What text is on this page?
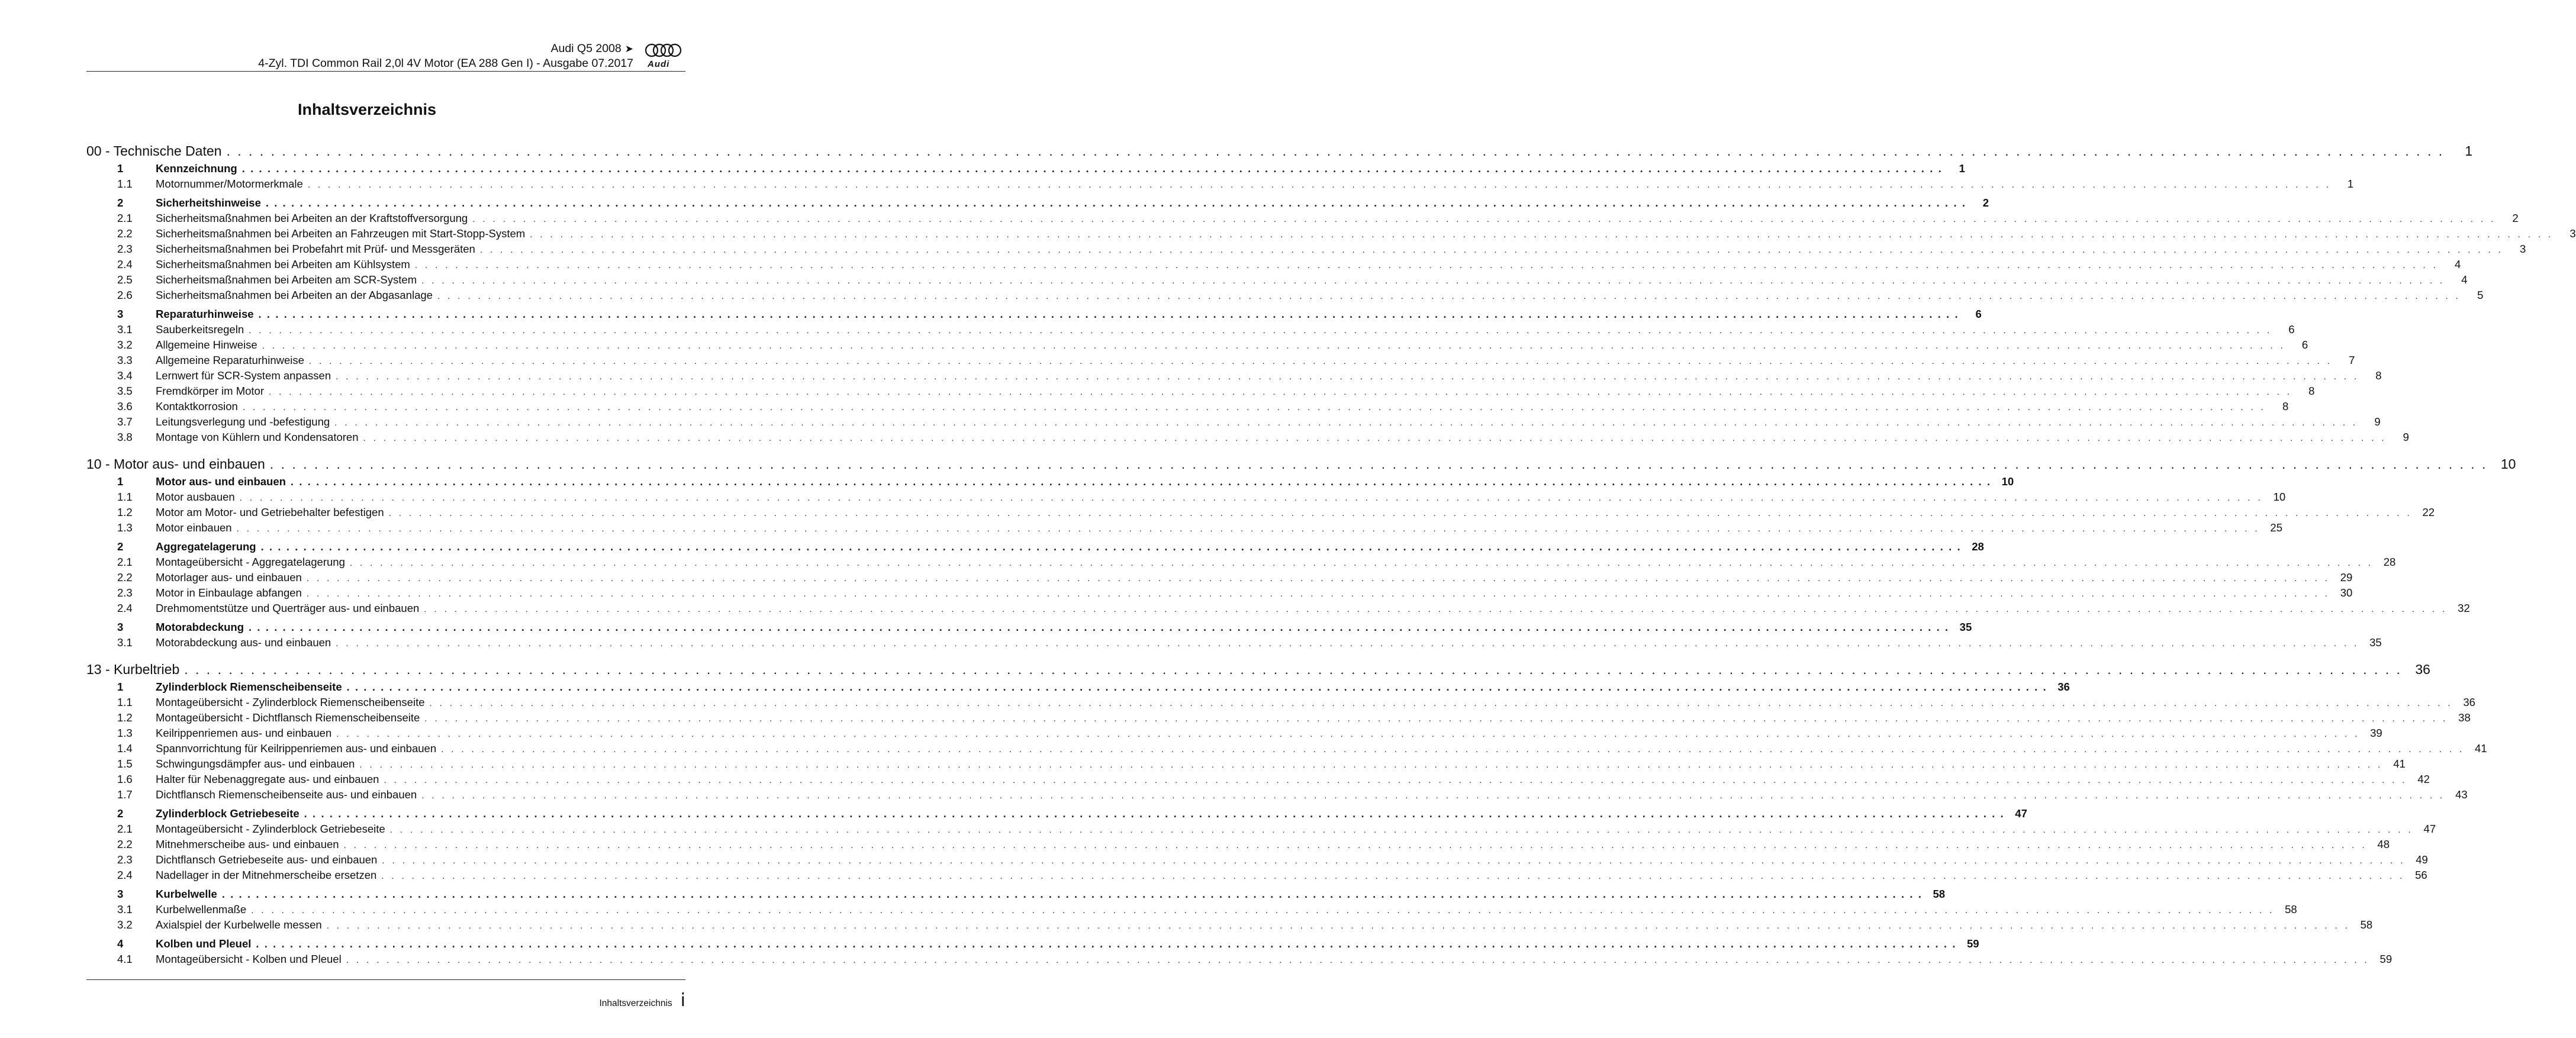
Audi Q5 2008 ➤
4-Zyl. TDI Common Rail 2,0l 4V Motor (EA 288 Gen I) - Ausgabe 07.2017 Audi
Inhaltsverzeichnis
00 - Technische Daten . . . . . . . . . . . . . . . . . . . . . . . . . . . . . . . . . . . . . . . . . . . . . . . . . . . . . . . . . . . . . . . . . . . . . . . . . . . . . . . . . . . . . . . . . . . . . . . . . . . . . . . . . . . . . . . . . . . . . . . . . . . . . . . . . . . . . . . . . . . . . . . . . . . . . . . . . . . . . . . . . . . . . . . . . . . . . . . . . . . . . . . . . . . . . . . . . . . . . . . .	1
1	Kennzeichnung . . . . . . . . . . . . . . . . . . . . . . . . . . . . . . . . . . . . . . . . . . . . . . . . . . . . . . . . . . . . . . . . . . . . . . . . . . . . . . . . . . . . . . . . . . . . . . . . . . . . . . . . . . . . . . . . . . . . . . . . . . . . . . . . . . . . . . . . . . . . . . . . . . . . . . . . . . . . . . . . . . . . . . . . . . . . . . . . . . . . . . . . . . . . . . . . . . . . . . . .	1
1.1 Motornummer/Motormerkmale . . . . . . . . . . . . . . . . . . . . . . . . . . . . . . . . . . . . . . . . . . . . . . . . . . . . . . . . . . . . . . . . . . . . . . . . . . . . . . . . . . . . . . . . . . . . . . . . . . . . . . . . . . . . . . . . . . . . . . . . . . . . . . . . . . . . . . . . . . . . . . . . . . . . . . . . . . . . . . . . . . . . . . . . . . . . . . . . . . . . . . . . . . . . . . . . . . . . . . . .	1
2	Sicherheitshinweise . . . . . . . . . . . . . . . . . . . . . . . . . . . . . . . . . . . . . . . . . . . . . . . . . . . . . . . . . . . . . . . . . . . . . . . . . . . . . . . . . . . . . . . . . . . . . . . . . . . . . . . . . . . . . . . . . . . . . . . . . . . . . . . . . . . . . . . . . . . . . . . . . . . . . . . . . . . . . . . . . . . . . . . . . . . . . . . . . . . . . . . . . . . . . . . . . . . . . . . .	2
2.1 Sicherheitsmaßnahmen bei Arbeiten an der Kraftstoffversorgung . . . . . . . . . . . . . . . . . . . . . . . . . . . . . . . . . . . . . . . . . . . . . . . . . . . . . . . . . . . . . . . . . . . . . . . . . . . . . . . . . . . . . . . . . . . . . . . . . . . . . . . . . . . . . . . . . . . . . . . . . . . . . . . . . . . . . . . . . . . . . . . . . . . . . . . . . . . . . . . . . . . . . . . . . . . . . . . . . . . . . . . . . . . . . . . . . . . . . . . .	2
2.2 Sicherheitsmaßnahmen bei Arbeiten an Fahrzeugen mit Start-Stopp-System . . . . . . . . . . . . . . . . . . . . . . . . . . . . . . . . . . . . . . . . . . . . . . . . . . . . . . . . . . . . . . . . . . . . . . . . . . . . . . . . . . . . . . . . . . . . . . . . . . . . . . . . . . . . . . . . . . . . . . . . . . . . . . . . . . . . . . . . . . . . . . . . . . . . . . . . . . . . . . . . . . . . . . . . . . . . . . . . . . . . . . . . . . . . . . . . . . . . . . . .	3
2.3 Sicherheitsmaßnahmen bei Probefahrt mit Prüf- und Messgeräten . . . . . . . . . . . . . . . . . . . . . . . . . . . . . . . . . . . . . . . . . . . . . . . . . . . . . . . . . . . . . . . . . . . . . . . . . . . . . . . . . . . . . . . . . . . . . . . . . . . . . . . . . . . . . . . . . . . . . . . . . . . . . . . . . . . . . . . . . . . . . . . . . . . . . . . . . . . . . . . . . . . . . . . . . . . . . . . . . . . . . . . . . . . . . . . . . . . . . . . .	3
2.4 Sicherheitsmaßnahmen bei Arbeiten am Kühlsystem . . . . . . . . . . . . . . . . . . . . . . . . . . . . . . . . . . . . . . . . . . . . . . . . . . . . . . . . . . . . . . . . . . . . . . . . . . . . . . . . . . . . . . . . . . . . . . . . . . . . . . . . . . . . . . . . . . . . . . . . . . . . . . . . . . . . . . . . . . . . . . . . . . . . . . . . . . . . . . . . . . . . . . . . . . . . . . . . . . . . . . . . . . . . . . . . . . . . . . . .	4
2.5 Sicherheitsmaßnahmen bei Arbeiten am SCR-System . . . . . . . . . . . . . . . . . . . . . . . . . . . . . . . . . . . . . . . . . . . . . . . . . . . . . . . . . . . . . . . . . . . . . . . . . . . . . . . . . . . . . . . . . . . . . . . . . . . . . . . . . . . . . . . . . . . . . . . . . . . . . . . . . . . . . . . . . . . . . . . . . . . . . . . . . . . . . . . . . . . . . . . . . . . . . . . . . . . . . . . . . . . . . . . . . . . . . . . .	4
2.6 Sicherheitsmaßnahmen bei Arbeiten an der Abgasanlage . . . . . . . . . . . . . . . . . . . . . . . . . . . . . . . . . . . . . . . . . . . . . . . . . . . . . . . . . . . . . . . . . . . . . . . . . . . . . . . . . . . . . . . . . . . . . . . . . . . . . . . . . . . . . . . . . . . . . . . . . . . . . . . . . . . . . . . . . . . . . . . . . . . . . . . . . . . . . . . . . . . . . . . . . . . . . . . . . . . . . . . . . . . . . . . . . . . . . . . .	5
3	Reparaturhinweise . . . . . . . . . . . . . . . . . . . . . . . . . . . . . . . . . . . . . . . . . . . . . . . . . . . . . . . . . . . . . . . . . . . . . . . . . . . . . . . . . . . . . . . . . . . . . . . . . . . . . . . . . . . . . . . . . . . . . . . . . . . . . . . . . . . . . . . . . . . . . . . . . . . . . . . . . . . . . . . . . . . . . . . . . . . . . . . . . . . . . . . . . . . . . . . . . . . . . . . .	6
3.1 Sauberkeitsregeln . . . . . . . . . . . . . . . . . . . . . . . . . . . . . . . . . . . . . . . . . . . . . . . . . . . . . . . . . . . . . . . . . . . . . . . . . . . . . . . . . . . . . . . . . . . . . . . . . . . . . . . . . . . . . . . . . . . . . . . . . . . . . . . . . . . . . . . . . . . . . . . . . . . . . . . . . . . . . . . . . . . . . . . . . . . . . . . . . . . . . . . . . . . . . . . . . . . . . . . .	6
3.2 Allgemeine Hinweise . . . . . . . . . . . . . . . . . . . . . . . . . . . . . . . . . . . . . . . . . . . . . . . . . . . . . . . . . . . . . . . . . . . . . . . . . . . . . . . . . . . . . . . . . . . . . . . . . . . . . . . . . . . . . . . . . . . . . . . . . . . . . . . . . . . . . . . . . . . . . . . . . . . . . . . . . . . . . . . . . . . . . . . . . . . . . . . . . . . . . . . . . . . . . . . . . . . . . . . .	6
3.3 Allgemeine Reparaturhinweise . . . . . . . . . . . . . . . . . . . . . . . . . . . . . . . . . . . . . . . . . . . . . . . . . . . . . . . . . . . . . . . . . . . . . . . . . . . . . . . . . . . . . . . . . . . . . . . . . . . . . . . . . . . . . . . . . . . . . . . . . . . . . . . . . . . . . . . . . . . . . . . . . . . . . . . . . . . . . . . . . . . . . . . . . . . . . . . . . . . . . . . . . . . . . . . . . . . . . . . .	7
3.4 Lernwert für SCR-System anpassen . . . . . . . . . . . . . . . . . . . . . . . . . . . . . . . . . . . . . . . . . . . . . . . . . . . . . . . . . . . . . . . . . . . . . . . . . . . . . . . . . . . . . . . . . . . . . . . . . . . . . . . . . . . . . . . . . . . . . . . . . . . . . . . . . . . . . . . . . . . . . . . . . . . . . . . . . . . . . . . . . . . . . . . . . . . . . . . . . . . . . . . . . . . . . . . . . . . . . . . .	8
3.5 Fremdkörper im Motor . . . . . . . . . . . . . . . . . . . . . . . . . . . . . . . . . . . . . . . . . . . . . . . . . . . . . . . . . . . . . . . . . . . . . . . . . . . . . . . . . . . . . . . . . . . . . . . . . . . . . . . . . . . . . . . . . . . . . . . . . . . . . . . . . . . . . . . . . . . . . . . . . . . . . . . . . . . . . . . . . . . . . . . . . . . . . . . . . . . . . . . . . . . . . . . . . . . . . . . .	8
3.6 Kontaktkorrosion . . . . . . . . . . . . . . . . . . . . . . . . . . . . . . . . . . . . . . . . . . . . . . . . . . . . . . . . . . . . . . . . . . . . . . . . . . . . . . . . . . . . . . . . . . . . . . . . . . . . . . . . . . . . . . . . . . . . . . . . . . . . . . . . . . . . . . . . . . . . . . . . . . . . . . . . . . . . . . . . . . . . . . . . . . . . . . . . . . . . . . . . . . . . . . . . . . . . . . . .	8
3.7 Leitungsverlegung und -befestigung . . . . . . . . . . . . . . . . . . . . . . . . . . . . . . . . . . . . . . . . . . . . . . . . . . . . . . . . . . . . . . . . . . . . . . . . . . . . . . . . . . . . . . . . . . . . . . . . . . . . . . . . . . . . . . . . . . . . . . . . . . . . . . . . . . . . . . . . . . . . . . . . . . . . . . . . . . . . . . . . . . . . . . . . . . . . . . . . . . . . . . . . . . . . . . . . . . . . . . . .	9
3.8 Montage von Kühlern und Kondensatoren . . . . . . . . . . . . . . . . . . . . . . . . . . . . . . . . . . . . . . . . . . . . . . . . . . . . . . . . . . . . . . . . . . . . . . . . . . . . . . . . . . . . . . . . . . . . . . . . . . . . . . . . . . . . . . . . . . . . . . . . . . . . . . . . . . . . . . . . . . . . . . . . . . . . . . . . . . . . . . . . . . . . . . . . . . . . . . . . . . . . . . . . . . . . . . . . . . . . . . . .	9
10 - Motor aus- und einbauen . . . . . . . . . . . . . . . . . . . . . . . . . . . . . . . . . . . . . . . . . . . . . . . . . . . . . . . . . . . . . . . . . . . . . . . . . . . . . . . . . . . . . . . . . . . . . . . . . . . . . . . . . . . . . . . . . . . . . . . . . . . . . . . . . . . . . . . . . . . . . . . . . . . . . . . . . . . . . . . . . . . . . . . . . . . . . . . . . . . . . . . . . . . . . . . . . . . . . . . . 10
1	Motor aus- und einbauen . . . . . . . . . . . . . . . . . . . . . . . . . . . . . . . . . . . . . . . . . . . . . . . . . . . . . . . . . . . . . . . . . . . . . . . . . . . . . . . . . . . . . . . . . . . . . . . . . . . . . . . . . . . . . . . . . . . . . . . . . . . . . . . . . . . . . . . . . . . . . . . . . . . . . . . . . . . . . . . . . . . . . . . . . . . . . . . . . . . . . . . . . . . . . . . . . . . . . . . . 10
1.1 Motor ausbauen . . . . . . . . . . . . . . . . . . . . . . . . . . . . . . . . . . . . . . . . . . . . . . . . . . . . . . . . . . . . . . . . . . . . . . . . . . . . . . . . . . . . . . . . . . . . . . . . . . . . . . . . . . . . . . . . . . . . . . . . . . . . . . . . . . . . . . . . . . . . . . . . . . . . . . . . . . . . . . . . . . . . . . . . . . . . . . . . . . . . . . . . . . . . . . . . . . . . . . . . 10
1.2 Motor am Motor- und Getriebehalter befestigen . . . . . . . . . . . . . . . . . . . . . . . . . . . . . . . . . . . . . . . . . . . . . . . . . . . . . . . . . . . . . . . . . . . . . . . . . . . . . . . . . . . . . . . . . . . . . . . . . . . . . . . . . . . . . . . . . . . . . . . . . . . . . . . . . . . . . . . . . . . . . . . . . . . . . . . . . . . . . . . . . . . . . . . . . . . . . . . . . . . . . . . . . . . . . . . . . . . . . . . . 22
1.3 Motor einbauen . . . . . . . . . . . . . . . . . . . . . . . . . . . . . . . . . . . . . . . . . . . . . . . . . . . . . . . . . . . . . . . . . . . . . . . . . . . . . . . . . . . . . . . . . . . . . . . . . . . . . . . . . . . . . . . . . . . . . . . . . . . . . . . . . . . . . . . . . . . . . . . . . . . . . . . . . . . . . . . . . . . . . . . . . . . . . . . . . . . . . . . . . . . . . . . . . . . . . . . . 25
2	Aggregatelagerung . . . . . . . . . . . . . . . . . . . . . . . . . . . . . . . . . . . . . . . . . . . . . . . . . . . . . . . . . . . . . . . . . . . . . . . . . . . . . . . . . . . . . . . . . . . . . . . . . . . . . . . . . . . . . . . . . . . . . . . . . . . . . . . . . . . . . . . . . . . . . . . . . . . . . . . . . . . . . . . . . . . . . . . . . . . . . . . . . . . . . . . . . . . . . . . . . . . . . . . . 28
2.1 Montageübersicht - Aggregatelagerung . . . . . . . . . . . . . . . . . . . . . . . . . . . . . . . . . . . . . . . . . . . . . . . . . . . . . . . . . . . . . . . . . . . . . . . . . . . . . . . . . . . . . . . . . . . . . . . . . . . . . . . . . . . . . . . . . . . . . . . . . . . . . . . . . . . . . . . . . . . . . . . . . . . . . . . . . . . . . . . . . . . . . . . . . . . . . . . . . . . . . . . . . . . . . . . . . . . . . . . . 28
2.2 Motorlager aus- und einbauen . . . . . . . . . . . . . . . . . . . . . . . . . . . . . . . . . . . . . . . . . . . . . . . . . . . . . . . . . . . . . . . . . . . . . . . . . . . . . . . . . . . . . . . . . . . . . . . . . . . . . . . . . . . . . . . . . . . . . . . . . . . . . . . . . . . . . . . . . . . . . . . . . . . . . . . . . . . . . . . . . . . . . . . . . . . . . . . . . . . . . . . . . . . . . . . . . . . . . . . . 29
2.3 Motor in Einbaulage abfangen . . . . . . . . . . . . . . . . . . . . . . . . . . . . . . . . . . . . . . . . . . . . . . . . . . . . . . . . . . . . . . . . . . . . . . . . . . . . . . . . . . . . . . . . . . . . . . . . . . . . . . . . . . . . . . . . . . . . . . . . . . . . . . . . . . . . . . . . . . . . . . . . . . . . . . . . . . . . . . . . . . . . . . . . . . . . . . . . . . . . . . . . . . . . . . . . . . . . . . . . 30
2.4 Drehmomentstütze und Querträger aus- und einbauen . . . . . . . . . . . . . . . . . . . . . . . . . . . . . . . . . . . . . . . . . . . . . . . . . . . . . . . . . . . . . . . . . . . . . . . . . . . . . . . . . . . . . . . . . . . . . . . . . . . . . . . . . . . . . . . . . . . . . . . . . . . . . . . . . . . . . . . . . . . . . . . . . . . . . . . . . . . . . . . . . . . . . . . . . . . . . . . . . . . . . . . . . . . . . . . . . . . . . . . . 32
3	Motorabdeckung . . . . . . . . . . . . . . . . . . . . . . . . . . . . . . . . . . . . . . . . . . . . . . . . . . . . . . . . . . . . . . . . . . . . . . . . . . . . . . . . . . . . . . . . . . . . . . . . . . . . . . . . . . . . . . . . . . . . . . . . . . . . . . . . . . . . . . . . . . . . . . . . . . . . . . . . . . . . . . . . . . . . . . . . . . . . . . . . . . . . . . . . . . . . . . . . . . . . . . . . 35
3.1 Motorabdeckung aus- und einbauen . . . . . . . . . . . . . . . . . . . . . . . . . . . . . . . . . . . . . . . . . . . . . . . . . . . . . . . . . . . . . . . . . . . . . . . . . . . . . . . . . . . . . . . . . . . . . . . . . . . . . . . . . . . . . . . . . . . . . . . . . . . . . . . . . . . . . . . . . . . . . . . . . . . . . . . . . . . . . . . . . . . . . . . . . . . . . . . . . . . . . . . . . . . . . . . . . . . . . . . . 35
13 - Kurbeltrieb . . . . . . . . . . . . . . . . . . . . . . . . . . . . . . . . . . . . . . . . . . . . . . . . . . . . . . . . . . . . . . . . . . . . . . . . . . . . . . . . . . . . . . . . . . . . . . . . . . . . . . . . . . . . . . . . . . . . . . . . . . . . . . . . . . . . . . . . . . . . . . . . . . . . . . . . . . . . . . . . . . . . . . . . . . . . . . . . . . . . . . . . . . . . . . . . . . . . . . . . 36
1	Zylinderblock Riemenscheibenseite . . . . . . . . . . . . . . . . . . . . . . . . . . . . . . . . . . . . . . . . . . . . . . . . . . . . . . . . . . . . . . . . . . . . . . . . . . . . . . . . . . . . . . . . . . . . . . . . . . . . . . . . . . . . . . . . . . . . . . . . . . . . . . . . . . . . . . . . . . . . . . . . . . . . . . . . . . . . . . . . . . . . . . . . . . . . . . . . . . . . . . . . . . . . . . . . . . . . . . . . 36
1.1 Montageübersicht - Zylinderblock Riemenscheibenseite . . . . . . . . . . . . . . . . . . . . . . . . . . . . . . . . . . . . . . . . . . . . . . . . . . . . . . . . . . . . . . . . . . . . . . . . . . . . . . . . . . . . . . . . . . . . . . . . . . . . . . . . . . . . . . . . . . . . . . . . . . . . . . . . . . . . . . . . . . . . . . . . . . . . . . . . . . . . . . . . . . . . . . . . . . . . . . . . . . . . . . . . . . . . . . . . . . . . . . . . 36
1.2 Montageübersicht - Dichtflansch Riemenscheibenseite . . . . . . . . . . . . . . . . . . . . . . . . . . . . . . . . . . . . . . . . . . . . . . . . . . . . . . . . . . . . . . . . . . . . . . . . . . . . . . . . . . . . . . . . . . . . . . . . . . . . . . . . . . . . . . . . . . . . . . . . . . . . . . . . . . . . . . . . . . . . . . . . . . . . . . . . . . . . . . . . . . . . . . . . . . . . . . . . . . . . . . . . . . . . . . . . . . . . . . . . 38
1.3 Keilrippenriemen aus- und einbauen . . . . . . . . . . . . . . . . . . . . . . . . . . . . . . . . . . . . . . . . . . . . . . . . . . . . . . . . . . . . . . . . . . . . . . . . . . . . . . . . . . . . . . . . . . . . . . . . . . . . . . . . . . . . . . . . . . . . . . . . . . . . . . . . . . . . . . . . . . . . . . . . . . . . . . . . . . . . . . . . . . . . . . . . . . . . . . . . . . . . . . . . . . . . . . . . . . . . . . . . 39
1.4 Spannvorrichtung für Keilrippenriemen aus- und einbauen . . . . . . . . . . . . . . . . . . . . . . . . . . . . . . . . . . . . . . . . . . . . . . . . . . . . . . . . . . . . . . . . . . . . . . . . . . . . . . . . . . . . . . . . . . . . . . . . . . . . . . . . . . . . . . . . . . . . . . . . . . . . . . . . . . . . . . . . . . . . . . . . . . . . . . . . . . . . . . . . . . . . . . . . . . . . . . . . . . . . . . . . . . . . . . . . . . . . . . . . 41
1.5 Schwingungsdämpfer aus- und einbauen . . . . . . . . . . . . . . . . . . . . . . . . . . . . . . . . . . . . . . . . . . . . . . . . . . . . . . . . . . . . . . . . . . . . . . . . . . . . . . . . . . . . . . . . . . . . . . . . . . . . . . . . . . . . . . . . . . . . . . . . . . . . . . . . . . . . . . . . . . . . . . . . . . . . . . . . . . . . . . . . . . . . . . . . . . . . . . . . . . . . . . . . . . . . . . . . . . . . . . . . 41
1.6 Halter für Nebenaggregate aus- und einbauen . . . . . . . . . . . . . . . . . . . . . . . . . . . . . . . . . . . . . . . . . . . . . . . . . . . . . . . . . . . . . . . . . . . . . . . . . . . . . . . . . . . . . . . . . . . . . . . . . . . . . . . . . . . . . . . . . . . . . . . . . . . . . . . . . . . . . . . . . . . . . . . . . . . . . . . . . . . . . . . . . . . . . . . . . . . . . . . . . . . . . . . . . . . . . . . . . . . . . . . . 42
1.7 Dichtflansch Riemenscheibenseite aus- und einbauen . . . . . . . . . . . . . . . . . . . . . . . . . . . . . . . . . . . . . . . . . . . . . . . . . . . . . . . . . . . . . . . . . . . . . . . . . . . . . . . . . . . . . . . . . . . . . . . . . . . . . . . . . . . . . . . . . . . . . . . . . . . . . . . . . . . . . . . . . . . . . . . . . . . . . . . . . . . . . . . . . . . . . . . . . . . . . . . . . . . . . . . . . . . . . . . . . . . . . . . . 43
2	Zylinderblock Getriebeseite . . . . . . . . . . . . . . . . . . . . . . . . . . . . . . . . . . . . . . . . . . . . . . . . . . . . . . . . . . . . . . . . . . . . . . . . . . . . . . . . . . . . . . . . . . . . . . . . . . . . . . . . . . . . . . . . . . . . . . . . . . . . . . . . . . . . . . . . . . . . . . . . . . . . . . . . . . . . . . . . . . . . . . . . . . . . . . . . . . . . . . . . . . . . . . . . . . . . . . . . 47
2.1 Montageübersicht - Zylinderblock Getriebeseite . . . . . . . . . . . . . . . . . . . . . . . . . . . . . . . . . . . . . . . . . . . . . . . . . . . . . . . . . . . . . . . . . . . . . . . . . . . . . . . . . . . . . . . . . . . . . . . . . . . . . . . . . . . . . . . . . . . . . . . . . . . . . . . . . . . . . . . . . . . . . . . . . . . . . . . . . . . . . . . . . . . . . . . . . . . . . . . . . . . . . . . . . . . . . . . . . . . . . . . . 47
2.2 Mitnehmerscheibe aus- und einbauen . . . . . . . . . . . . . . . . . . . . . . . . . . . . . . . . . . . . . . . . . . . . . . . . . . . . . . . . . . . . . . . . . . . . . . . . . . . . . . . . . . . . . . . . . . . . . . . . . . . . . . . . . . . . . . . . . . . . . . . . . . . . . . . . . . . . . . . . . . . . . . . . . . . . . . . . . . . . . . . . . . . . . . . . . . . . . . . . . . . . . . . . . . . . . . . . . . . . . . . . 48
2.3 Dichtflansch Getriebeseite aus- und einbauen . . . . . . . . . . . . . . . . . . . . . . . . . . . . . . . . . . . . . . . . . . . . . . . . . . . . . . . . . . . . . . . . . . . . . . . . . . . . . . . . . . . . . . . . . . . . . . . . . . . . . . . . . . . . . . . . . . . . . . . . . . . . . . . . . . . . . . . . . . . . . . . . . . . . . . . . . . . . . . . . . . . . . . . . . . . . . . . . . . . . . . . . . . . . . . . . . . . . . . . . 49
2.4 Nadellager in der Mitnehmerscheibe ersetzen . . . . . . . . . . . . . . . . . . . . . . . . . . . . . . . . . . . . . . . . . . . . . . . . . . . . . . . . . . . . . . . . . . . . . . . . . . . . . . . . . . . . . . . . . . . . . . . . . . . . . . . . . . . . . . . . . . . . . . . . . . . . . . . . . . . . . . . . . . . . . . . . . . . . . . . . . . . . . . . . . . . . . . . . . . . . . . . . . . . . . . . . . . . . . . . . . . . . . . . . 56
3	Kurbelwelle . . . . . . . . . . . . . . . . . . . . . . . . . . . . . . . . . . . . . . . . . . . . . . . . . . . . . . . . . . . . . . . . . . . . . . . . . . . . . . . . . . . . . . . . . . . . . . . . . . . . . . . . . . . . . . . . . . . . . . . . . . . . . . . . . . . . . . . . . . . . . . . . . . . . . . . . . . . . . . . . . . . . . . . . . . . . . . . . . . . . . . . . . . . . . . . . . . . . . . . . 58
3.1 Kurbelwellenmaße . . . . . . . . . . . . . . . . . . . . . . . . . . . . . . . . . . . . . . . . . . . . . . . . . . . . . . . . . . . . . . . . . . . . . . . . . . . . . . . . . . . . . . . . . . . . . . . . . . . . . . . . . . . . . . . . . . . . . . . . . . . . . . . . . . . . . . . . . . . . . . . . . . . . . . . . . . . . . . . . . . . . . . . . . . . . . . . . . . . . . . . . . . . . . . . . . . . . . . . . 58
3.2 Axialspiel der Kurbelwelle messen . . . . . . . . . . . . . . . . . . . . . . . . . . . . . . . . . . . . . . . . . . . . . . . . . . . . . . . . . . . . . . . . . . . . . . . . . . . . . . . . . . . . . . . . . . . . . . . . . . . . . . . . . . . . . . . . . . . . . . . . . . . . . . . . . . . . . . . . . . . . . . . . . . . . . . . . . . . . . . . . . . . . . . . . . . . . . . . . . . . . . . . . . . . . . . . . . . . . . . . . 58
4	Kolben und Pleuel . . . . . . . . . . . . . . . . . . . . . . . . . . . . . . . . . . . . . . . . . . . . . . . . . . . . . . . . . . . . . . . . . . . . . . . . . . . . . . . . . . . . . . . . . . . . . . . . . . . . . . . . . . . . . . . . . . . . . . . . . . . . . . . . . . . . . . . . . . . . . . . . . . . . . . . . . . . . . . . . . . . . . . . . . . . . . . . . . . . . . . . . . . . . . . . . . . . . . . . . 59
4.1 Montageübersicht - Kolben und Pleuel . . . . . . . . . . . . . . . . . . . . . . . . . . . . . . . . . . . . . . . . . . . . . . . . . . . . . . . . . . . . . . . . . . . . . . . . . . . . . . . . . . . . . . . . . . . . . . . . . . . . . . . . . . . . . . . . . . . . . . . . . . . . . . . . . . . . . . . . . . . . . . . . . . . . . . . . . . . . . . . . . . . . . . . . . . . . . . . . . . . . . . . . . . . . . . . . . . . . . . . . 59
Inhaltsverzeichnis i
